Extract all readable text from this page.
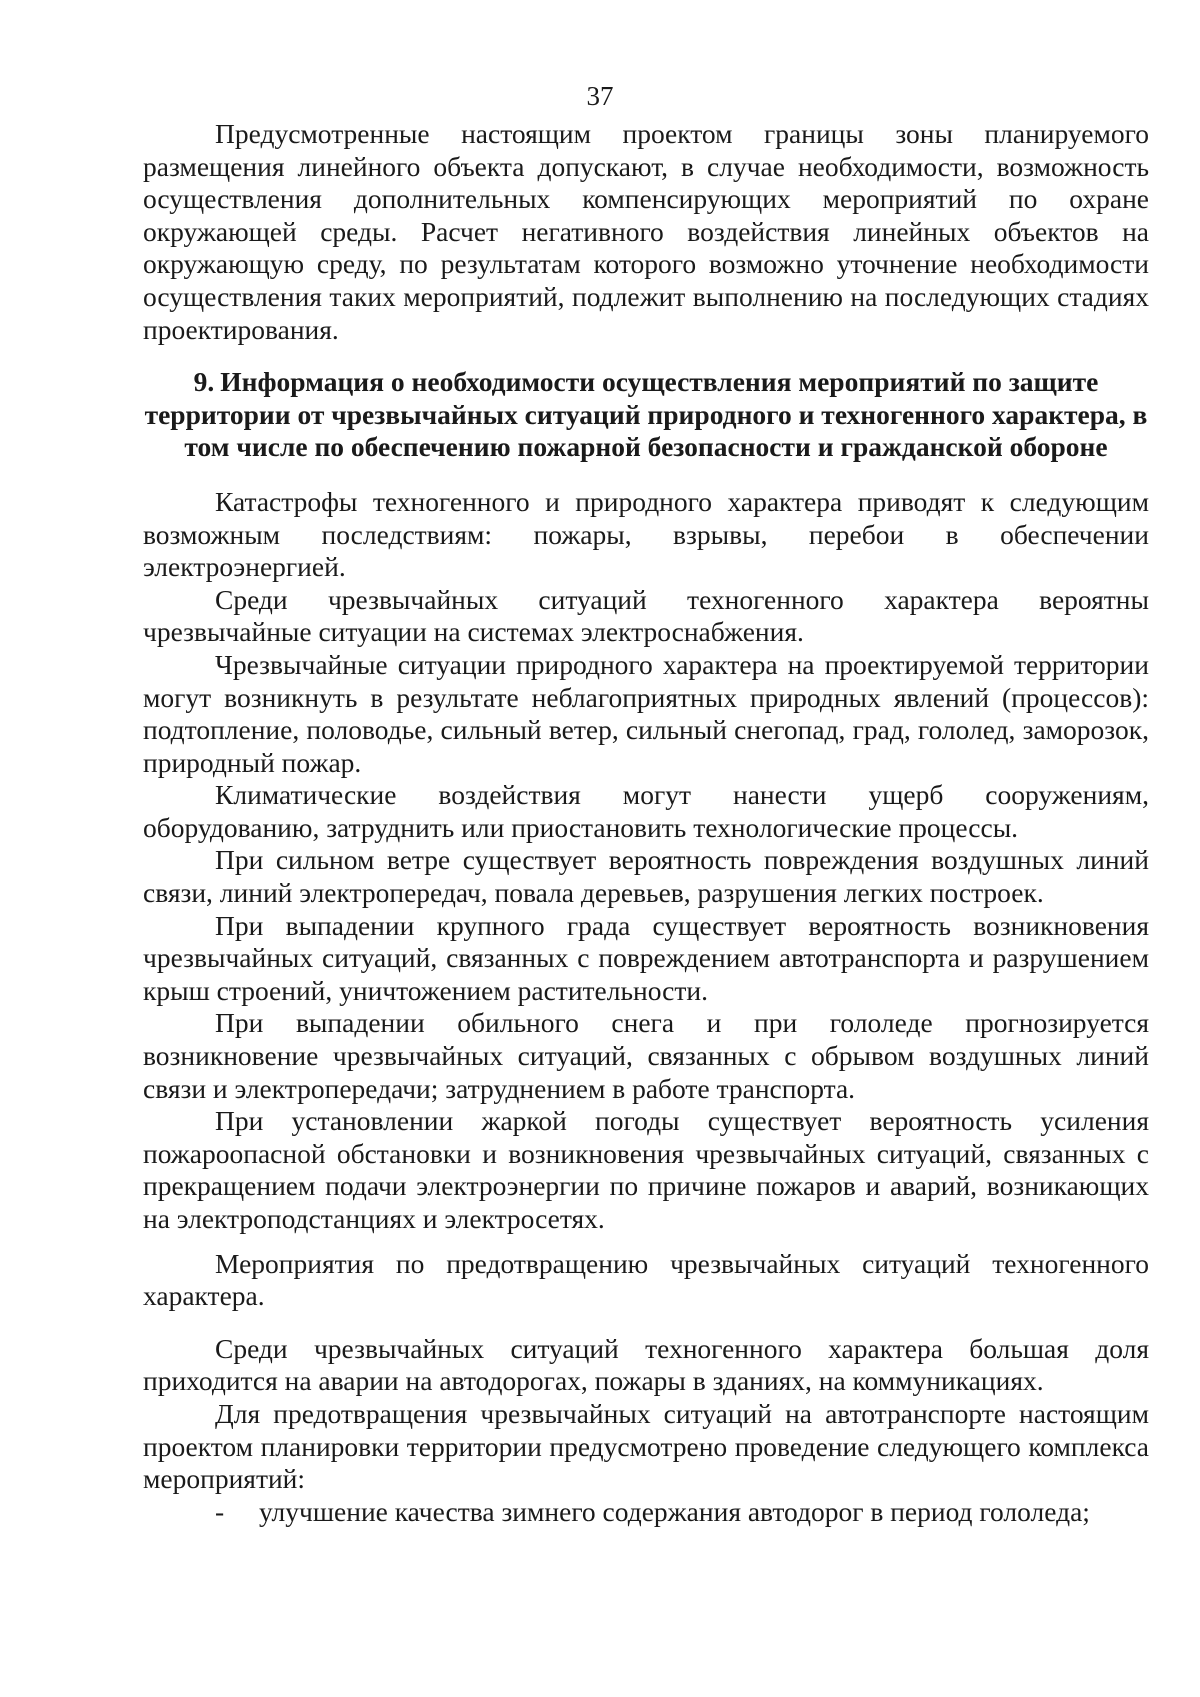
37

Предусмотренные настоящим проектом границы зоны планируемого размещения линейного объекта допускают, в случае необходимости, возможность осуществления дополнительных компенсирующих мероприятий по охране окружающей среды. Расчет негативного воздействия линейных объектов на окружающую среду, по результатам которого возможно уточнение необходимости осуществления таких мероприятий, подлежит выполнению на последующих стадиях проектирования.

9. Информация о необходимости осуществления мероприятий по защите территории от чрезвычайных ситуаций природного и техногенного характера, в том числе по обеспечению пожарной безопасности и гражданской обороне

Катастрофы техногенного и природного характера приводят к следующим возможным последствиям: пожары, взрывы, перебои в обеспечении электроэнергией.

Среди чрезвычайных ситуаций техногенного характера вероятны чрезвычайные ситуации на системах электроснабжения.

Чрезвычайные ситуации природного характера на проектируемой территории могут возникнуть в результате неблагоприятных природных явлений (процессов): подтопление, половодье, сильный ветер, сильный снегопад, град, гололед, заморозок, природный пожар.

Климатические воздействия могут нанести ущерб сооружениям, оборудованию, затруднить или приостановить технологические процессы.

При сильном ветре существует вероятность повреждения воздушных линий связи, линий электропередач, повала деревьев, разрушения легких построек.

При выпадении крупного града существует вероятность возникновения чрезвычайных ситуаций, связанных с повреждением автотранспорта и разрушением крыш строений, уничтожением растительности.

При выпадении обильного снега и при гололеде прогнозируется возникновение чрезвычайных ситуаций, связанных с обрывом воздушных линий связи и электропередачи; затруднением в работе транспорта.

При установлении жаркой погоды существует вероятность усиления пожароопасной обстановки и возникновения чрезвычайных ситуаций, связанных с прекращением подачи электроэнергии по причине пожаров и аварий, возникающих на электроподстанциях и электросетях.

Мероприятия по предотвращению чрезвычайных ситуаций техногенного характера.

Среди чрезвычайных ситуаций техногенного характера большая доля приходится на аварии на автодорогах, пожары в зданиях, на коммуникациях.

Для предотвращения чрезвычайных ситуаций на автотранспорте настоящим проектом планировки территории предусмотрено проведение следующего комплекса мероприятий:

-	улучшение качества зимнего содержания автодорог в период гололеда;
